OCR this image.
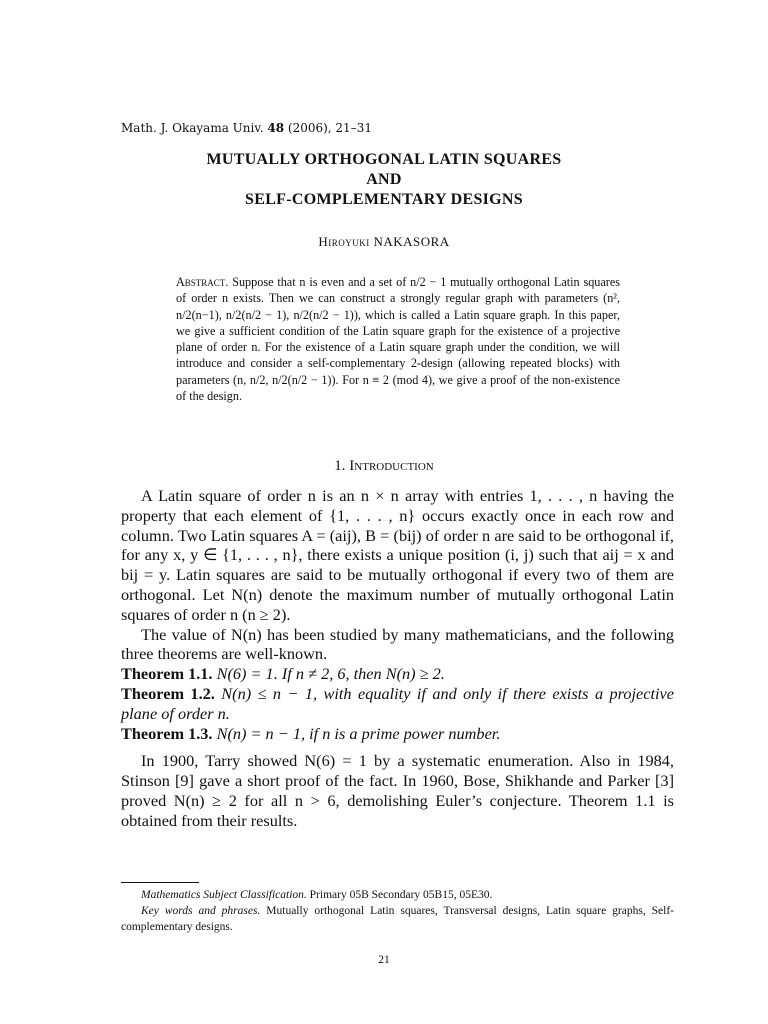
Math. J. Okayama Univ. 48 (2006), 21–31
MUTUALLY ORTHOGONAL LATIN SQUARES
AND
SELF-COMPLEMENTARY DESIGNS
Hiroyuki NAKASORA
Abstract. Suppose that n is even and a set of n/2 − 1 mutually orthogonal Latin squares of order n exists. Then we can construct a strongly regular graph with parameters (n², n/2(n−1), n/2(n/2 − 1), n/2(n/2 − 1)), which is called a Latin square graph. In this paper, we give a sufficient condition of the Latin square graph for the existence of a projective plane of order n. For the existence of a Latin square graph under the condition, we will introduce and consider a self-complementary 2-design (allowing repeated blocks) with parameters (n, n/2, n/2(n/2 − 1)). For n ≡ 2 (mod 4), we give a proof of the non-existence of the design.
1. Introduction

A Latin square of order n is an n × n array with entries 1, . . . , n having the property that each element of {1, . . . , n} occurs exactly once in each row and column. Two Latin squares A = (aij), B = (bij) of order n are said to be orthogonal if, for any x, y ∈ {1, . . . , n}, there exists a unique position (i, j) such that aij = x and bij = y. Latin squares are said to be mutually orthogonal if every two of them are orthogonal. Let N(n) denote the maximum number of mutually orthogonal Latin squares of order n (n ≥ 2).

The value of N(n) has been studied by many mathematicians, and the following three theorems are well-known.

Theorem 1.1. N(6) = 1. If n ≠ 2, 6, then N(n) ≥ 2.

Theorem 1.2. N(n) ≤ n − 1, with equality if and only if there exists a projective plane of order n.

Theorem 1.3. N(n) = n − 1, if n is a prime power number.

In 1900, Tarry showed N(6) = 1 by a systematic enumeration. Also in 1984, Stinson [9] gave a short proof of the fact. In 1960, Bose, Shikhande and Parker [3] proved N(n) ≥ 2 for all n > 6, demolishing Euler’s conjecture. Theorem 1.1 is obtained from their results.

Mathematics Subject Classification. Primary 05B Secondary 05B15, 05E30.

Key words and phrases. Mutually orthogonal Latin squares, Transversal designs, Latin square graphs, Self-complementary designs.

21
